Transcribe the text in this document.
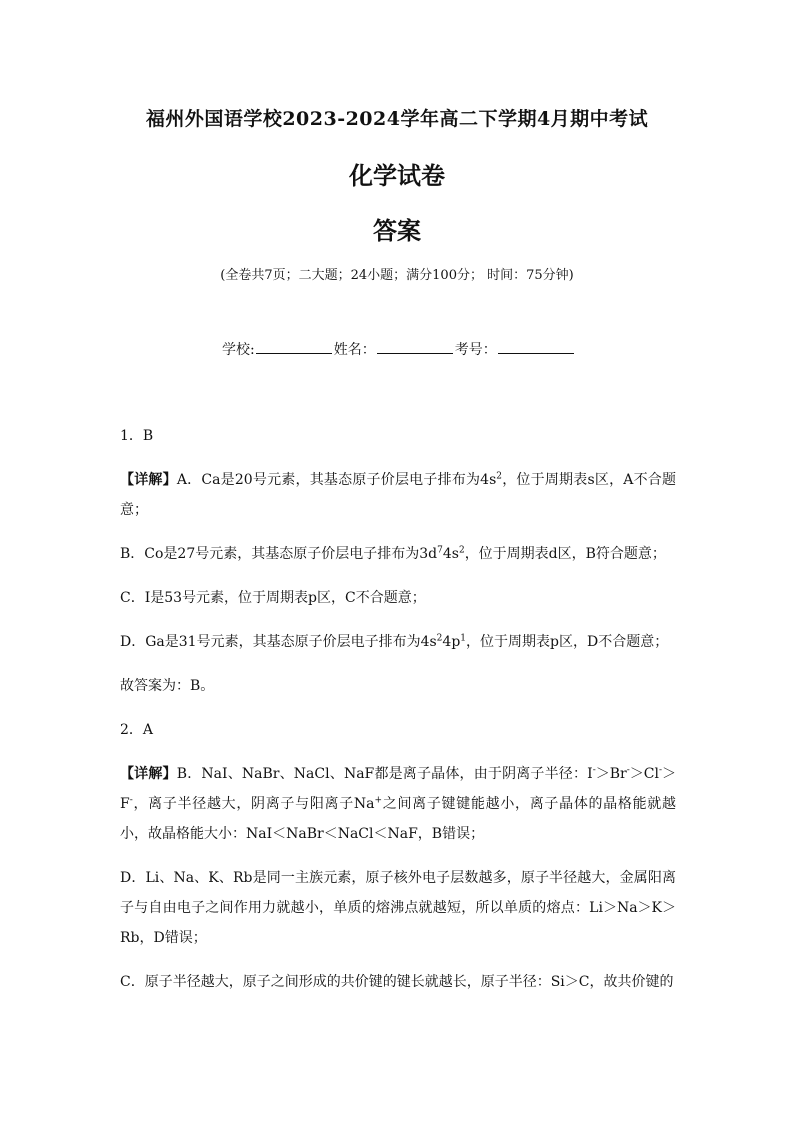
福州外国语学校2023-2024学年高二下学期4月期中考试
化学试卷
答案
(全卷共7页；二大题；24小题；满分100分； 时间：75分钟)
学校:	姓名：	考号：

1．B

【详解】A．Ca是20号元素，其基态原子价层电子排布为$4s^2$，位于周期表s区，A不合题意；

B．Co是27号元素，其基态原子价层电子排布为$3d^74s^2$，位于周期表d区，B符合题意；

C．I是53号元素，位于周期表p区，C不合题意；

D．Ga是31号元素，其基态原子价层电子排布为$4s^24p^1$，位于周期表p区，D不合题意；

故答案为：B。

2．A

【详解】B．NaI、NaBr、NaCl、NaF都是离子晶体，由于阴离子半径：I-＞Br-＞Cl-＞F-，离子半径越大，阴离子与阳离子Na+之间离子键键能越小，离子晶体的晶格能就越小，故晶格能大小：NaI＜NaBr＜NaCl＜NaF，B错误；

D．Li、Na、K、Rb是同一主族元素，原子核外电子层数越多，原子半径越大，金属阳离子与自由电子之间作用力就越小，单质的熔沸点就越短，所以单质的熔点：Li＞Na＞K＞Rb，D错误；

C．原子半径越大，原子之间形成的共价键的键长就越长，原子半径：Si＞C，故共价键的
